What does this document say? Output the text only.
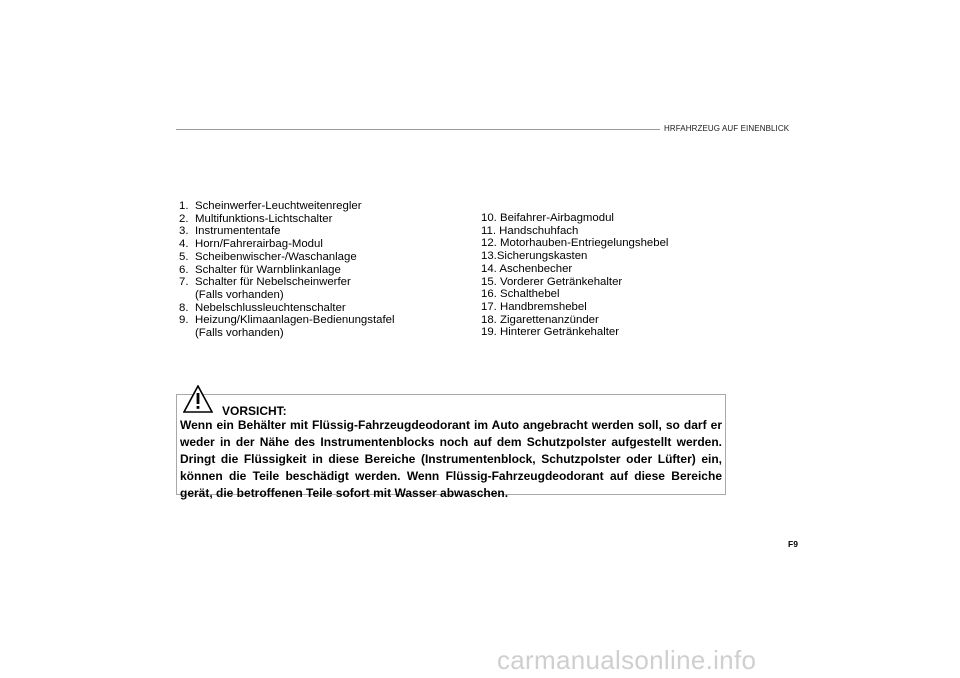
HRFAHRZEUG AUF EINENBLICK
1. Scheinwerfer-Leuchtweitenregler
2. Multifunktions-Lichtschalter
3. Instrumententafe
4. Horn/Fahrerairbag-Modul
5. Scheibenwischer-/Waschanlage
6. Schalter für Warnblinkanlage
7. Schalter für Nebelscheinwerfer
(Falls vorhanden)
8. Nebelschlussleuchtenschalter
9. Heizung/Klimaanlagen-Bedienungstafel
(Falls vorhanden)
10. Beifahrer-Airbagmodul
11. Handschuhfach
12. Motorhauben-Entriegelungshebel
13.Sicherungskasten
14. Aschenbecher
15. Vorderer Getränkehalter
16. Schalthebel
17. Handbremshebel
18. Zigarettenanzünder
19. Hinterer Getränkehalter
VORSICHT:

Wenn ein Behälter mit Flüssig-Fahrzeugdeodorant im Auto angebracht werden soll, so darf er weder in der Nähe des Instrumentenblocks noch auf dem Schutzpolster aufgestellt werden. Dringt die Flüssigkeit in diese Bereiche (Instrumentenblock, Schutzpolster oder Lüfter) ein, können die Teile beschädigt werden. Wenn Flüssig-Fahrzeugdeodorant auf diese Bereiche gerät, die betroffenen Teile sofort mit Wasser abwaschen.

F9
carmanualsonline.info
